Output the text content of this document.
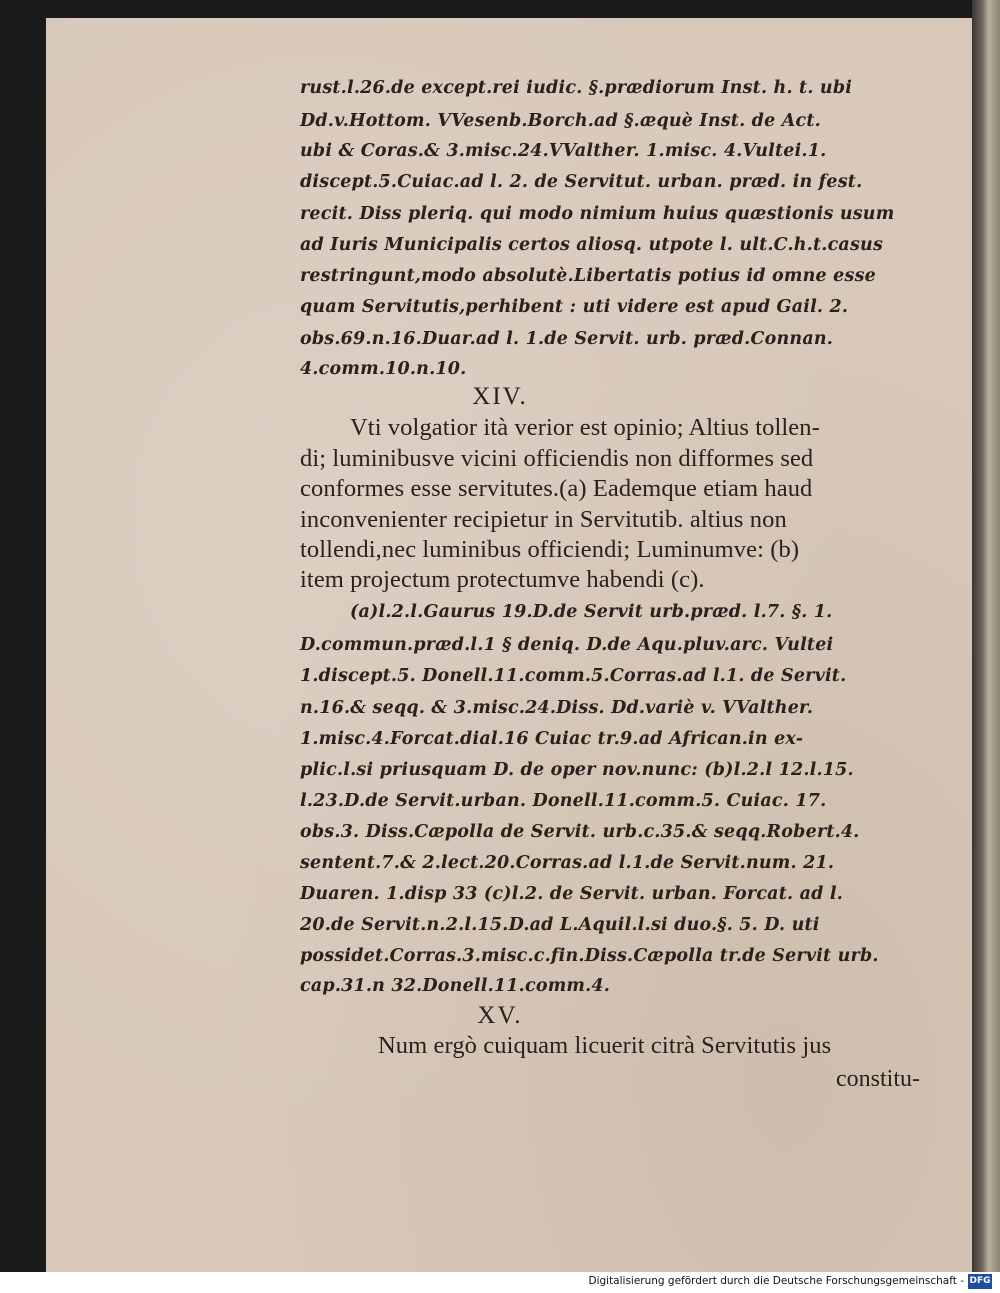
rust.l.26.de except.rei iudic. §.prædiorum Inst. h. t. ubi
Dd.v.Hottom. VVesenb.Borch.ad §.æquè Inst. de Act.
ubi & Coras.& 3.misc.24.VValther. 1.misc. 4.Vultei.1.
discept.5.Cuiac.ad l. 2. de Servitut. urban. præd. in fest.
recit. Diss pleriq. qui modo nimium huius quæstionis usum
ad Iuris Municipalis certos aliosq. utpote l. ult.C.h.t.casus
restringunt,modo absolutè.Libertatis potius id omne esse
quam Servitutis,perhibent : uti videre est apud Gail. 2.
obs.69.n.16.Duar.ad l. 1.de Servit. urb. præd.Connan.
4.comm.10.n.10.
XIV.
Vti volgatior ità verior est opinio; Altius tollen-
di; luminibusve vicini officiendis non difformes sed
conformes esse servitutes.(a) Eademque etiam haud
inconvenienter recipietur in Servitutib. altius non
tollendi,nec luminibus officiendi; Luminumve: (b)
item projectum protectumve habendi (c).
(a)l.2.l.Gaurus 19.D.de Servit urb.præd. l.7. §. 1.
D.commun.præd.l.1 § deniq. D.de Aqu.pluv.arc. Vultei
1.discept.5. Donell.11.comm.5.Corras.ad l.1. de Servit.
n.16.& seqq. & 3.misc.24.Diss. Dd.variè v. VValther.
1.misc.4.Forcat.dial.16 Cuiac tr.9.ad African.in ex-
plic.l.si priusquam D. de oper nov.nunc: (b)l.2.l 12.l.15.
l.23.D.de Servit.urban. Donell.11.comm.5. Cuiac. 17.
obs.3. Diss.Cæpolla de Servit. urb.c.35.& seqq.Robert.4.
sentent.7.& 2.lect.20.Corras.ad l.1.de Servit.num. 21.
Duaren. 1.disp 33 (c)l.2. de Servit. urban. Forcat. ad l.
20.de Servit.n.2.l.15.D.ad L.Aquil.l.si duo.§. 5. D. uti
possidet.Corras.3.misc.c.fin.Diss.Cæpolla tr.de Servit urb.
cap.31.n 32.Donell.11.comm.4.
XV.
Num ergò cuiquam licuerit citrà Servitutis jus
constitu-
Digitalisierung gefördert durch die Deutsche Forschungsgemeinschaft - DFG
